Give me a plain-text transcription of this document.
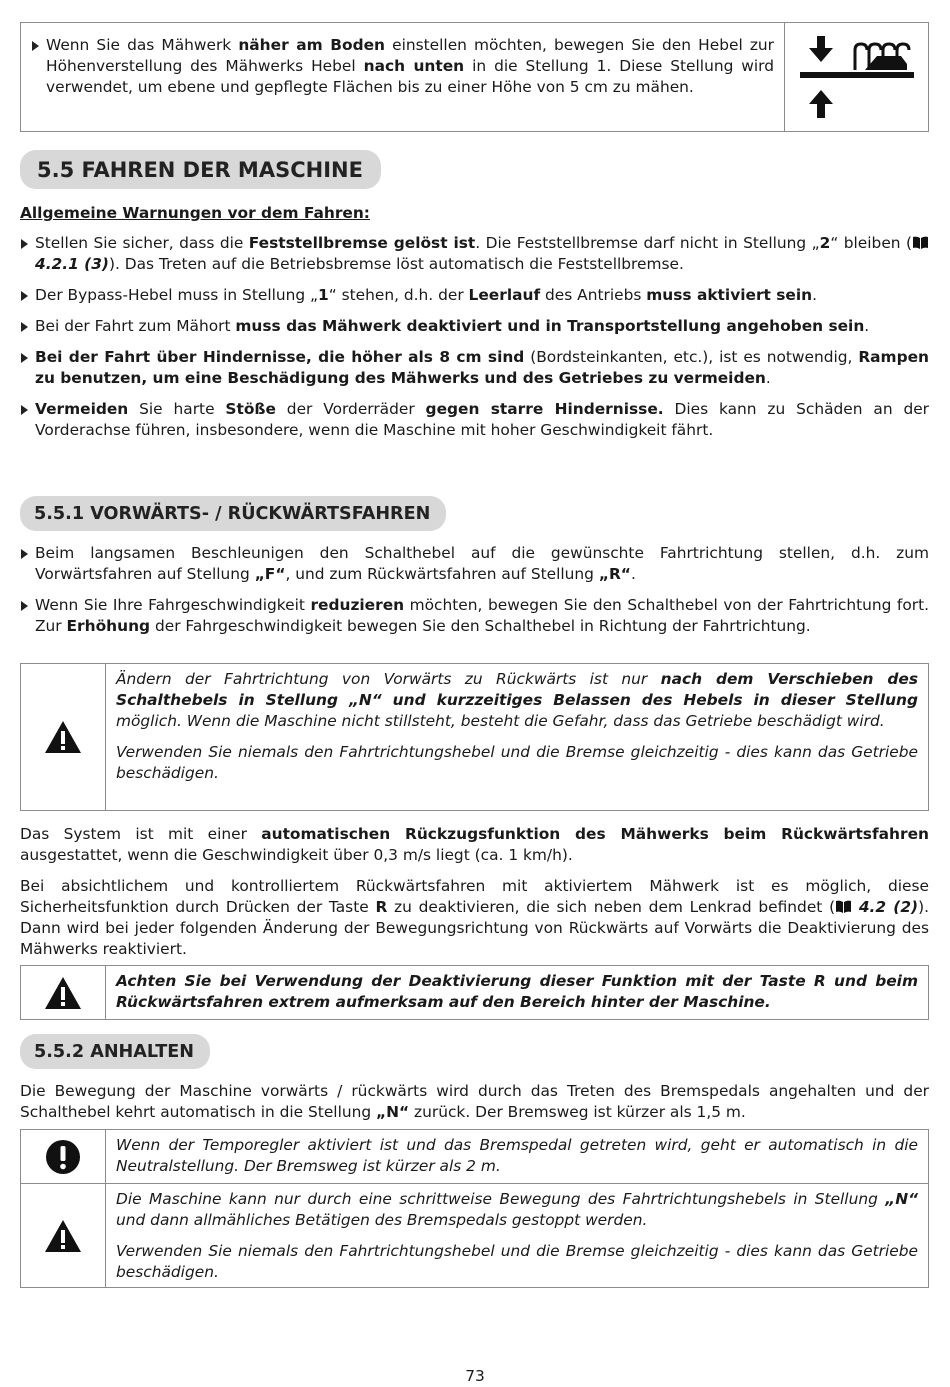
Wenn Sie das Mähwerk näher am Boden einstellen möchten, bewegen Sie den Hebel zur Höhenverstellung des Mähwerks Hebel nach unten in die Stellung 1. Diese Stellung wird verwendet, um ebene und gepflegte Flächen bis zu einer Höhe von 5 cm zu mähen.
5.5 FAHREN DER MASCHINE
Allgemeine Warnungen vor dem Fahren:
Stellen Sie sicher, dass die Feststellbremse gelöst ist. Die Feststellbremse darf nicht in Stellung „2“ bleiben ( 4.2.1 (3)). Das Treten auf die Betriebsbremse löst automatisch die Feststellbremse.
Der Bypass-Hebel muss in Stellung „1“ stehen, d.h. der Leerlauf des Antriebs muss aktiviert sein.
Bei der Fahrt zum Mähort muss das Mähwerk deaktiviert und in Transportstellung angehoben sein.
Bei der Fahrt über Hindernisse, die höher als 8 cm sind (Bordsteinkanten, etc.), ist es notwendig, Rampen zu benutzen, um eine Beschädigung des Mähwerks und des Getriebes zu vermeiden.
Vermeiden Sie harte Stöße der Vorderräder gegen starre Hindernisse. Dies kann zu Schäden an der Vorderachse führen, insbesondere, wenn die Maschine mit hoher Geschwindigkeit fährt.
5.5.1 VORWÄRTS- / RÜCKWÄRTSFAHREN
Beim langsamen Beschleunigen den Schalthebel auf die gewünschte Fahrtrichtung stellen, d.h. zum Vorwärtsfahren auf Stellung „F“, und zum Rückwärtsfahren auf Stellung „R“.
Wenn Sie Ihre Fahrgeschwindigkeit reduzieren möchten, bewegen Sie den Schalthebel von der Fahrtrichtung fort. Zur Erhöhung der Fahrgeschwindigkeit bewegen Sie den Schalthebel in Richtung der Fahrtrichtung.

Ändern der Fahrtrichtung von Vorwärts zu Rückwärts ist nur nach dem Verschieben des Schalthebels in Stellung „N“ und kurzzeitiges Belassen des Hebels in dieser Stellung möglich. Wenn die Maschine nicht stillsteht, besteht die Gefahr, dass das Getriebe beschädigt wird.

Verwenden Sie niemals den Fahrtrichtungshebel und die Bremse gleichzeitig - dies kann das Getriebe beschädigen.

Das System ist mit einer automatischen Rückzugsfunktion des Mähwerks beim Rückwärtsfahren ausgestattet, wenn die Geschwindigkeit über 0,3 m/s liegt (ca. 1 km/h).

Bei absichtlichem und kontrolliertem Rückwärtsfahren mit aktiviertem Mähwerk ist es möglich, diese Sicherheitsfunktion durch Drücken der Taste R zu deaktivieren, die sich neben dem Lenkrad befindet ( 4.2 (2)). Dann wird bei jeder folgenden Änderung der Bewegungsrichtung von Rückwärts auf Vorwärts die Deaktivierung des Mähwerks reaktiviert.

Achten Sie bei Verwendung der Deaktivierung dieser Funktion mit der Taste R und beim Rückwärtsfahren extrem aufmerksam auf den Bereich hinter der Maschine.

5.5.2 ANHALTEN

Die Bewegung der Maschine vorwärts / rückwärts wird durch das Treten des Bremspedals angehalten und der Schalthebel kehrt automatisch in die Stellung „N“ zurück. Der Bremsweg ist kürzer als 1,5 m.

Wenn der Temporegler aktiviert ist und das Bremspedal getreten wird, geht er automatisch in die Neutralstellung. Der Bremsweg ist kürzer als 2 m.

Die Maschine kann nur durch eine schrittweise Bewegung des Fahrtrichtungshebels in Stellung „N“ und dann allmähliches Betätigen des Bremspedals gestoppt werden.

Verwenden Sie niemals den Fahrtrichtungshebel und die Bremse gleichzeitig - dies kann das Getriebe beschädigen.

73
